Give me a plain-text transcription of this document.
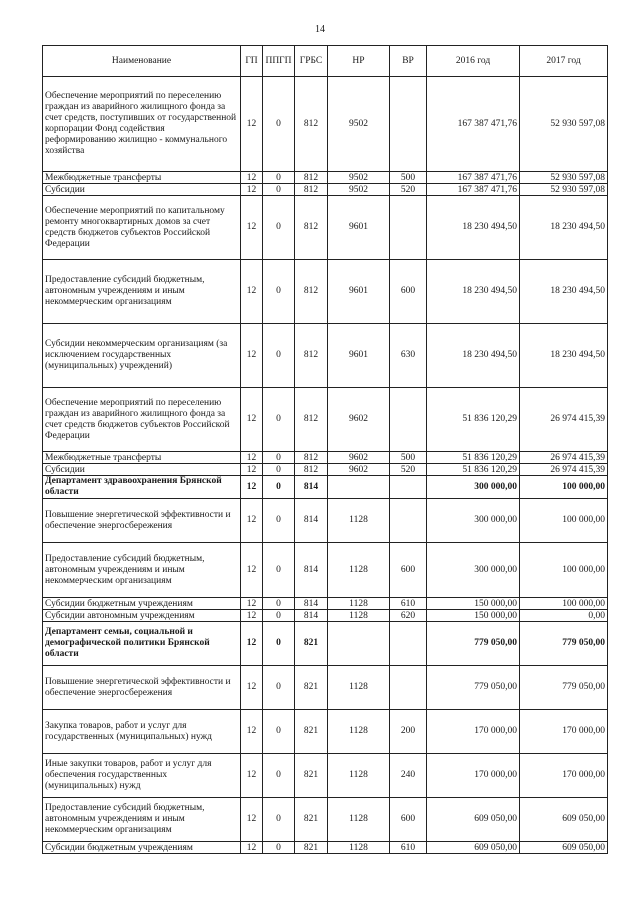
14
Наименование	ГП	ППГП	ГРБС	НР	ВР	2016 год	2017 год
Обеспечение мероприятий по переселению граждан из аварийного жилищного фонда за счет средств, поступивших от государственной корпорации Фонд содействия реформированию жилищно - коммунального хозяйства	12	0	812	9502		167 387 471,76	52 930 597,08
Межбюджетные трансферты	12	0	812	9502	500	167 387 471,76	52 930 597,08
Субсидии	12	0	812	9502	520	167 387 471,76	52 930 597,08
Обеспечение мероприятий по капитальному ремонту многоквартирных домов за счет средств бюджетов субъектов Российской Федерации	12	0	812	9601		18 230 494,50	18 230 494,50
Предоставление субсидий бюджетным, автономным учреждениям и иным некоммерческим организациям	12	0	812	9601	600	18 230 494,50	18 230 494,50
Субсидии некоммерческим организациям (за исключением государственных (муниципальных) учреждений)	12	0	812	9601	630	18 230 494,50	18 230 494,50
Обеспечение мероприятий по переселению граждан из аварийного жилищного фонда за счет средств бюджетов субъектов Российской Федерации	12	0	812	9602		51 836 120,29	26 974 415,39
Межбюджетные трансферты	12	0	812	9602	500	51 836 120,29	26 974 415,39
Субсидии	12	0	812	9602	520	51 836 120,29	26 974 415,39
Департамент здравоохранения Брянской области	12	0	814			300 000,00	100 000,00
Повышение энергетической эффективности и обеспечение энергосбережения	12	0	814	1128		300 000,00	100 000,00
Предоставление субсидий бюджетным, автономным учреждениям и иным некоммерческим организациям	12	0	814	1128	600	300 000,00	100 000,00
Субсидии бюджетным учреждениям	12	0	814	1128	610	150 000,00	100 000,00
Субсидии автономным учреждениям	12	0	814	1128	620	150 000,00	0,00
Департамент семьи, социальной и демографической политики Брянской области	12	0	821			779 050,00	779 050,00
Повышение энергетической эффективности и обеспечение энергосбережения	12	0	821	1128		779 050,00	779 050,00
Закупка товаров, работ и услуг для государственных (муниципальных) нужд	12	0	821	1128	200	170 000,00	170 000,00
Иные закупки товаров, работ и услуг для обеспечения государственных (муниципальных) нужд	12	0	821	1128	240	170 000,00	170 000,00
Предоставление субсидий бюджетным, автономным учреждениям и иным некоммерческим организациям	12	0	821	1128	600	609 050,00	609 050,00
Субсидии бюджетным учреждениям	12	0	821	1128	610	609 050,00	609 050,00
